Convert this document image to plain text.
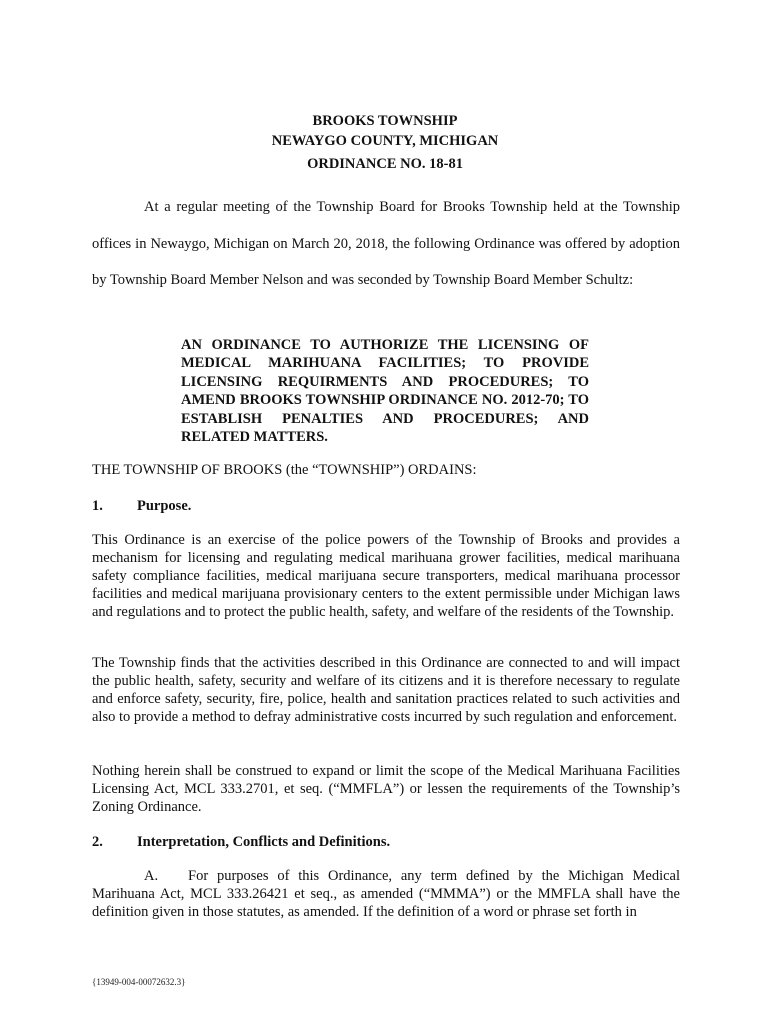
BROOKS TOWNSHIP
NEWAYGO COUNTY, MICHIGAN
ORDINANCE NO. 18-81

At a regular meeting of the Township Board for Brooks Township held at the Township offices in Newaygo, Michigan on March 20, 2018, the following Ordinance was offered by adoption by Township Board Member Nelson and was seconded by Township Board Member Schultz:

AN ORDINANCE TO AUTHORIZE THE LICENSING OF MEDICAL MARIHUANA FACILITIES; TO PROVIDE LICENSING REQUIRMENTS AND PROCEDURES; TO AMEND BROOKS TOWNSHIP ORDINANCE NO. 2012-70; TO ESTABLISH PENALTIES AND PROCEDURES; AND RELATED MATTERS.

THE TOWNSHIP OF BROOKS (the “TOWNSHIP”) ORDAINS:

1.	Purpose.

This Ordinance is an exercise of the police powers of the Township of Brooks and provides a mechanism for licensing and regulating medical marihuana grower facilities, medical marihuana safety compliance facilities, medical marijuana secure transporters, medical marihuana processor facilities and medical marijuana provisionary centers to the extent permissible under Michigan laws and regulations and to protect the public health, safety, and welfare of the residents of the Township.

The Township finds that the activities described in this Ordinance are connected to and will impact the public health, safety, security and welfare of its citizens and it is therefore necessary to regulate and enforce safety, security, fire, police, health and sanitation practices related to such activities and also to provide a method to defray administrative costs incurred by such regulation and enforcement.

Nothing herein shall be construed to expand or limit the scope of the Medical Marihuana Facilities Licensing Act, MCL 333.2701, et seq. (“MMFLA”) or lessen the requirements of the Township’s Zoning Ordinance.

2.	Interpretation, Conflicts and Definitions.

A. For purposes of this Ordinance, any term defined by the Michigan Medical Marihuana Act, MCL 333.26421 et seq., as amended (“MMMA”) or the MMFLA shall have the definition given in those statutes, as amended. If the definition of a word or phrase set forth in

{13949-004-00072632.3}
